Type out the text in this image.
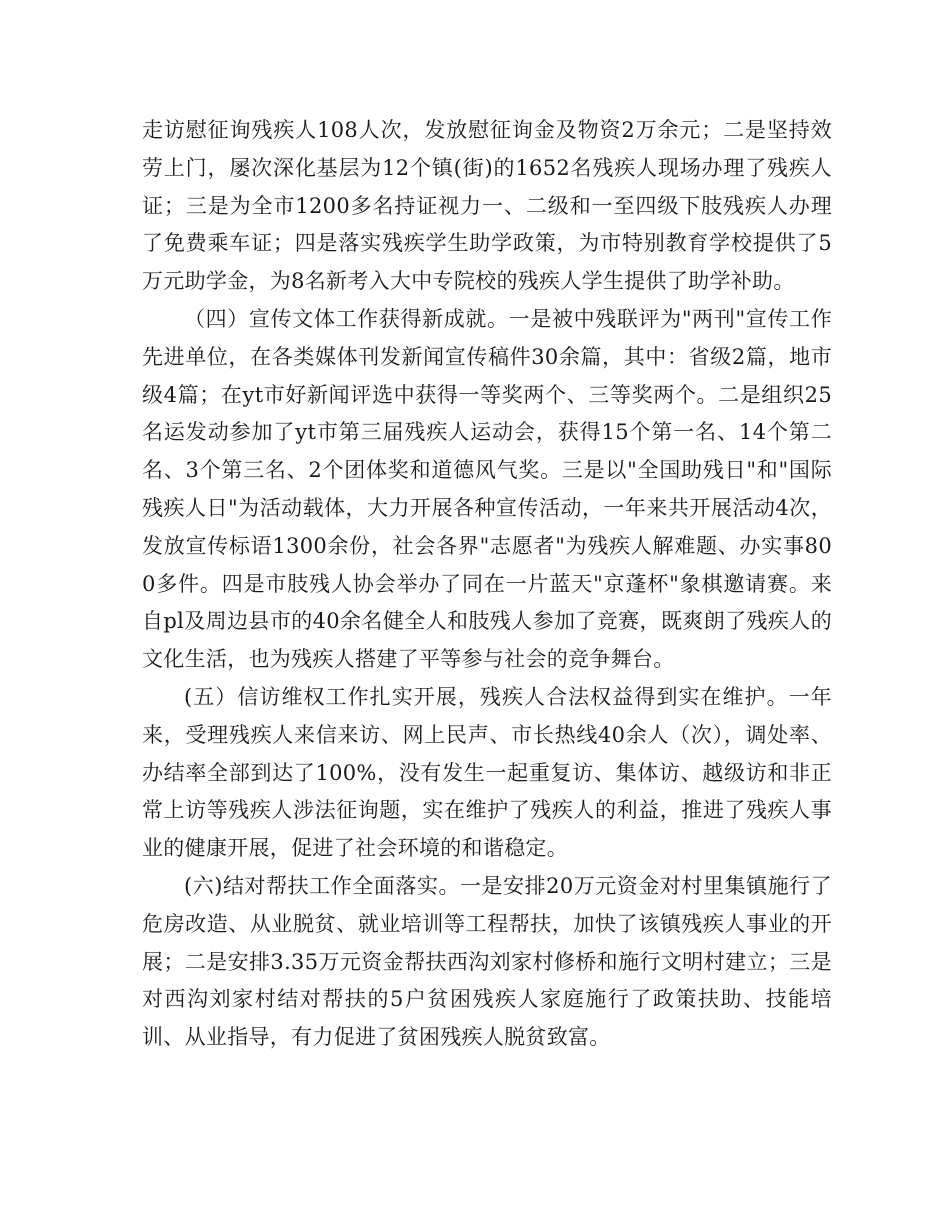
走访慰征询残疾人108人次，发放慰征询金及物资2万余元；二是坚持效劳上门，屡次深化基层为12个镇(街)的1652名残疾人现场办理了残疾人证；三是为全市1200多名持证视力一、二级和一至四级下肢残疾人办理了免费乘车证；四是落实残疾学生助学政策，为市特别教育学校提供了5万元助学金，为8名新考入大中专院校的残疾人学生提供了助学补助。

（四）宣传文体工作获得新成就。一是被中残联评为"两刊"宣传工作先进单位，在各类媒体刊发新闻宣传稿件30余篇，其中：省级2篇，地市级4篇；在yt市好新闻评选中获得一等奖两个、三等奖两个。二是组织25名运发动参加了yt市第三届残疾人运动会，获得15个第一名、14个第二名、3个第三名、2个团体奖和道德风气奖。三是以"全国助残日"和"国际残疾人日"为活动载体，大力开展各种宣传活动，一年来共开展活动4次，发放宣传标语1300余份，社会各界"志愿者"为残疾人解难题、办实事800多件。四是市肢残人协会举办了同在一片蓝天"京蓬杯"象棋邀请赛。来自pl及周边县市的40余名健全人和肢残人参加了竞赛，既爽朗了残疾人的文化生活，也为残疾人搭建了平等参与社会的竞争舞台。

(五）信访维权工作扎实开展，残疾人合法权益得到实在维护。一年来，受理残疾人来信来访、网上民声、市长热线40余人（次），调处率、办结率全部到达了100%，没有发生一起重复访、集体访、越级访和非正常上访等残疾人涉法征询题，实在维护了残疾人的利益，推进了残疾人事业的健康开展，促进了社会环境的和谐稳定。

(六)结对帮扶工作全面落实。一是安排20万元资金对村里集镇施行了危房改造、从业脱贫、就业培训等工程帮扶，加快了该镇残疾人事业的开展；二是安排3.35万元资金帮扶西沟刘家村修桥和施行文明村建立；三是对西沟刘家村结对帮扶的5户贫困残疾人家庭施行了政策扶助、技能培训、从业指导，有力促进了贫困残疾人脱贫致富。
